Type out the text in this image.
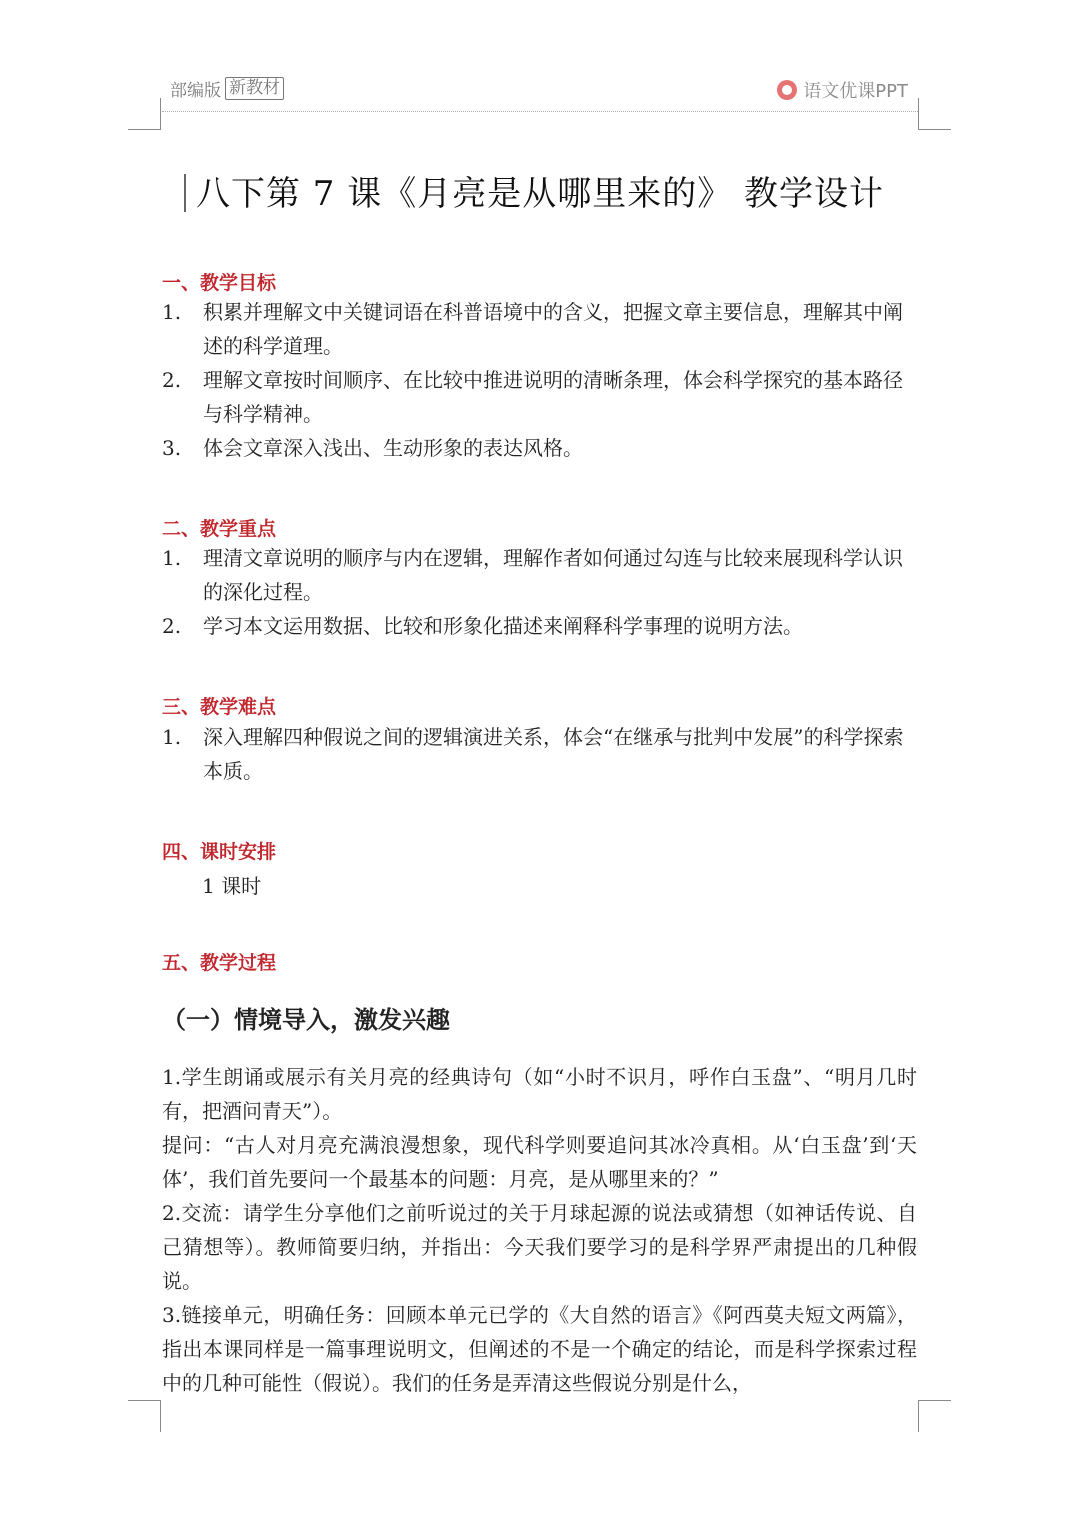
部编版 新教材	语文优课PPT
八下第 7 课《月亮是从哪里来的》 教学设计
一、教学目标
1.	积累并理解文中关键词语在科普语境中的含义，把握文章主要信息，理解其中阐述的科学道理。
2.	理解文章按时间顺序、在比较中推进说明的清晰条理，体会科学探究的基本路径与科学精神。
3.	体会文章深入浅出、生动形象的表达风格。
二、教学重点
1.	理清文章说明的顺序与内在逻辑，理解作者如何通过勾连与比较来展现科学认识的深化过程。
2.	学习本文运用数据、比较和形象化描述来阐释科学事理的说明方法。
三、教学难点
1.	深入理解四种假说之间的逻辑演进关系，体会“在继承与批判中发展”的科学探索本质。
四、课时安排
1 课时
五、教学过程
（一）情境导入，激发兴趣
1.学生朗诵或展示有关月亮的经典诗句（如“小时不识月，呼作白玉盘”、“明月几时有，把酒问青天”）。
提问：“古人对月亮充满浪漫想象，现代科学则要追问其冰冷真相。从‘白玉盘’到‘天体’，我们首先要问一个最基本的问题：月亮，是从哪里来的？”
2.交流：请学生分享他们之前听说过的关于月球起源的说法或猜想（如神话传说、自己猜想等）。教师简要归纳，并指出：今天我们要学习的是科学界严肃提出的几种假说。
3.链接单元，明确任务：回顾本单元已学的《大自然的语言》《阿西莫夫短文两篇》，指出本课同样是一篇事理说明文，但阐述的不是一个确定的结论，而是科学探索过程中的几种可能性（假说）。我们的任务是弄清这些假说分别是什么，
